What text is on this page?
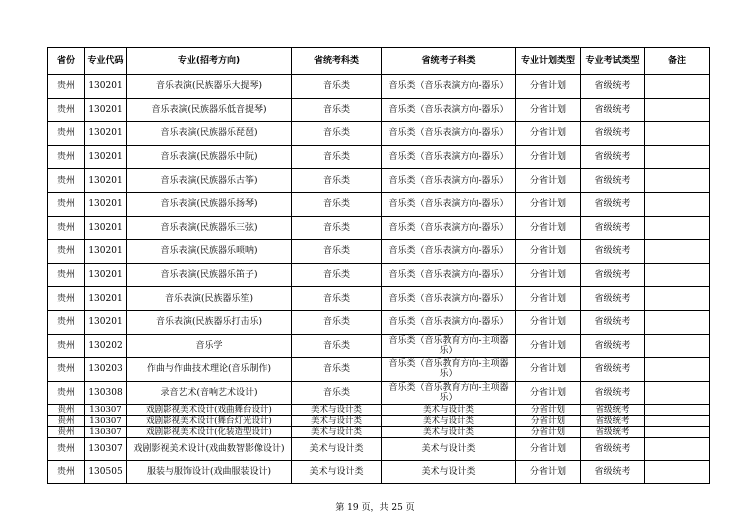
省份	专业代码	专业(招考方向)	省统考科类	省统考子科类	专业计划类型	专业考试类型	备注
贵州	130201	音乐表演(民族器乐大提琴)	音乐类	音乐类（音乐表演方向-器乐）	分省计划	省级统考	
贵州	130201	音乐表演(民族器乐低音提琴)	音乐类	音乐类（音乐表演方向-器乐）	分省计划	省级统考	
贵州	130201	音乐表演(民族器乐琵琶)	音乐类	音乐类（音乐表演方向-器乐）	分省计划	省级统考	
贵州	130201	音乐表演(民族器乐中阮)	音乐类	音乐类（音乐表演方向-器乐）	分省计划	省级统考	
贵州	130201	音乐表演(民族器乐古筝)	音乐类	音乐类（音乐表演方向-器乐）	分省计划	省级统考	
贵州	130201	音乐表演(民族器乐扬琴)	音乐类	音乐类（音乐表演方向-器乐）	分省计划	省级统考	
贵州	130201	音乐表演(民族器乐三弦)	音乐类	音乐类（音乐表演方向-器乐）	分省计划	省级统考	
贵州	130201	音乐表演(民族器乐唢呐)	音乐类	音乐类（音乐表演方向-器乐）	分省计划	省级统考	
贵州	130201	音乐表演(民族器乐笛子)	音乐类	音乐类（音乐表演方向-器乐）	分省计划	省级统考	
贵州	130201	音乐表演(民族器乐笙)	音乐类	音乐类（音乐表演方向-器乐）	分省计划	省级统考	
贵州	130201	音乐表演(民族器乐打击乐)	音乐类	音乐类（音乐表演方向-器乐）	分省计划	省级统考	
贵州	130202	音乐学	音乐类	音乐类（音乐教育方向-主项器乐）	分省计划	省级统考	
贵州	130203	作曲与作曲技术理论(音乐制作)	音乐类	音乐类（音乐教育方向-主项器乐）	分省计划	省级统考	
贵州	130308	录音艺术(音响艺术设计)	音乐类	音乐类（音乐教育方向-主项器乐）	分省计划	省级统考	
贵州	130307	戏剧影视美术设计(戏曲舞台设计)	美术与设计类	美术与设计类	分省计划	省级统考	
贵州	130307	戏剧影视美术设计(舞台灯光设计)	美术与设计类	美术与设计类	分省计划	省级统考	
贵州	130307	戏剧影视美术设计(化装造型设计)	美术与设计类	美术与设计类	分省计划	省级统考	
贵州	130307	戏剧影视美术设计(戏曲数智影像设计)	美术与设计类	美术与设计类	分省计划	省级统考	
贵州	130505	服装与服饰设计(戏曲服装设计)	美术与设计类	美术与设计类	分省计划	省级统考	
第 19 页，共 25 页
